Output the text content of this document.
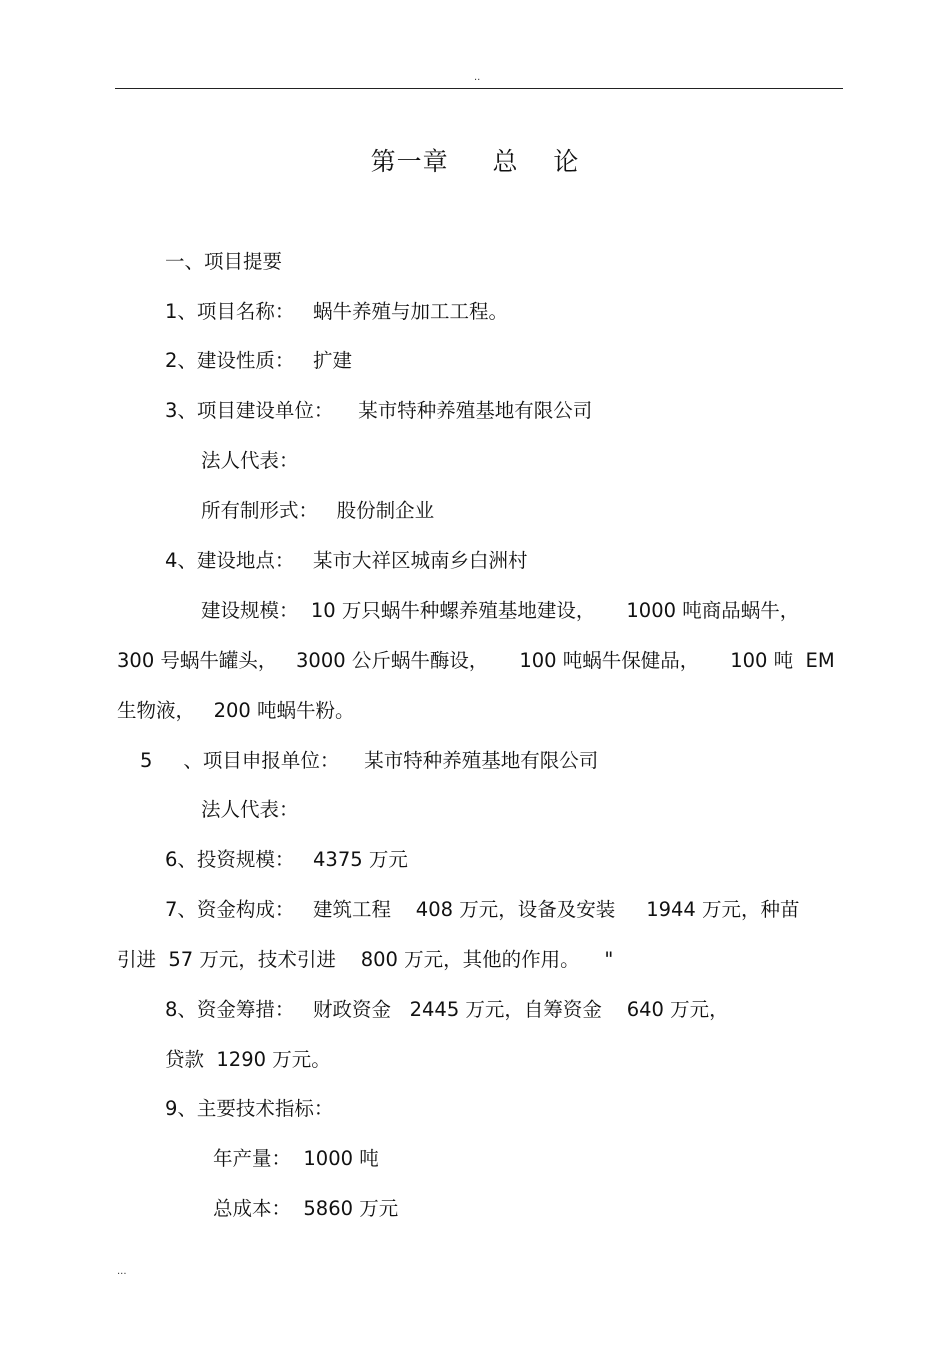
..
第一章　  总　 论
一、项目提要
1、项目名称：   蜗牛养殖与加工工程。
2、建设性质：   扩建
3、项目建设单位：    某市特种养殖基地有限公司
法人代表：
所有制形式：   股份制企业
4、建设地点：   某市大祥区城南乡白洲村
建设规模：  10 万只蜗牛种螺养殖基地建设，     1000 吨商品蜗牛，
300 号蜗牛罐头，   3000 公斤蜗牛酶设，     100 吨蜗牛保健品，     100 吨  EM
生物液，   200 吨蜗牛粉。
5     、项目申报单位：    某市特种养殖基地有限公司
法人代表：
6、投资规模：   4375 万元
7、资金构成：   建筑工程    408 万元，设备及安装     1944 万元，种苗
引进  57 万元，技术引进    800 万元，其他的作用。    "
8、资金筹措：   财政资金   2445 万元，自筹资金    640 万元，
贷款  1290 万元。
9、主要技术指标：
年产量：  1000 吨
总成本：  5860 万元
...
